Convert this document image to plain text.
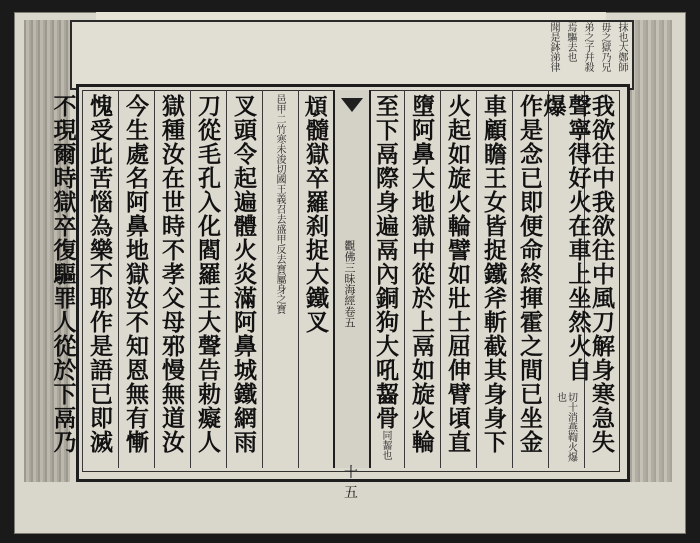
抹也大鄭師
毋之獄乃兄
弟之子幷殺
焉驅去也
聞是鉢涕律
我欲往中我欲往中風刀解身寒急失
聲寧得好火在車上坐然火自爆
切十消燕鞫火爆也
作是念已即便命終揮霍之間已坐金
車顧瞻王女皆捉鐵斧斬截其身身下
火起如旋火輪譬如壯士屈伸臂頃直
墮阿鼻大地獄中從於上鬲如旋火輪
至下鬲際身遍鬲內銅狗大吼齧骨
同齧也
觀佛三昧海經卷五
十五
𩑣
髓獄卒羅刹捉大鐵叉
邑甲二竹寒未浚切國王義召去盛甲反去寶屬身之寶
叉頭令起遍體火炎滿阿鼻城鐵網雨
刀從毛孔入化閻羅王大聲告勅癡人
獄種汝在世時不孝父母邪慢無道汝
今生處名阿鼻地獄汝不知恩無有慚
愧受此苦惱為樂不耶作是語已即滅
不現爾時獄卒復驅罪人從於下鬲乃
